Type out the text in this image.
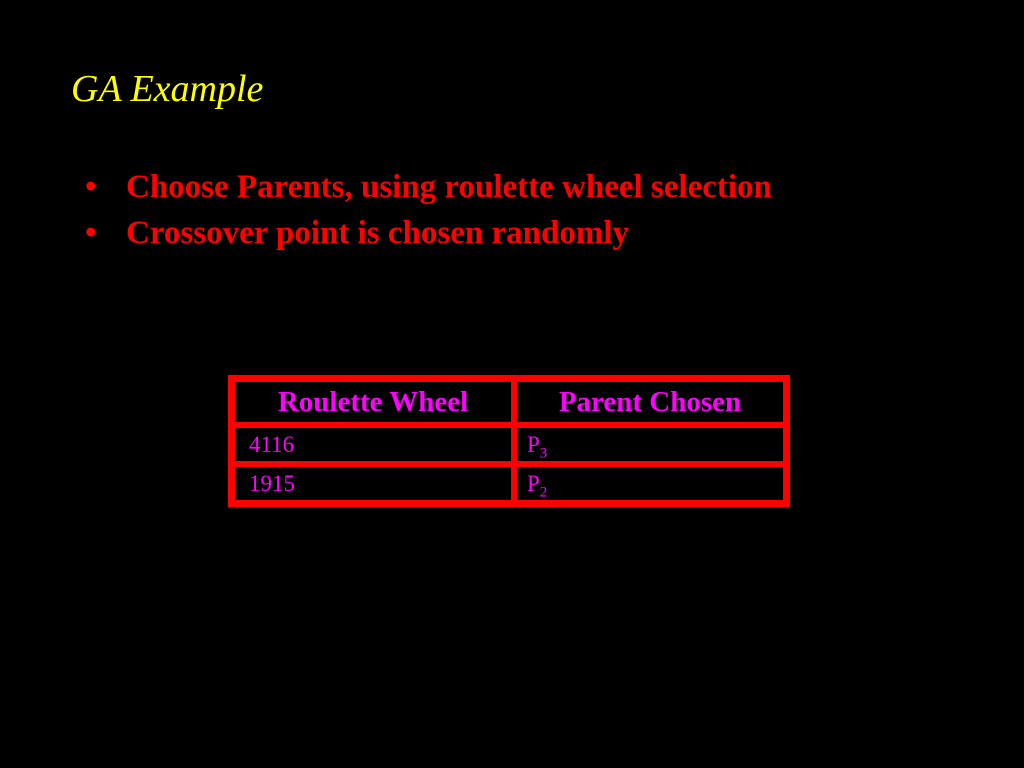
GA Example
• Choose Parents, using roulette wheel selection
• Crossover point is chosen randomly
Roulette Wheel	Parent Chosen
4116	$P_3$
1915	$P_2$
